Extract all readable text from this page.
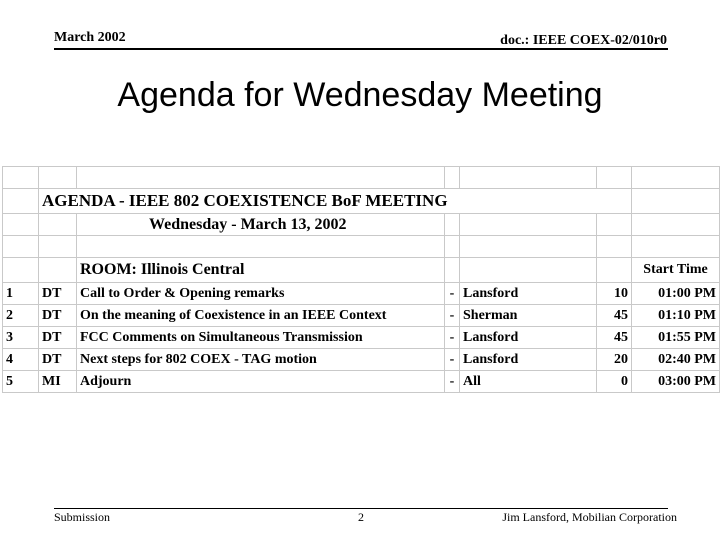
March 2002	doc.: IEEE COEX-02/010r0
Agenda for Wednesday Meeting

	AGENDA - IEEE 802 COEXISTENCE BoF MEETING					
		Wednesday - March 13, 2002				

		ROOM: Illinois Central				Start Time
1	DT	Call to Order & Opening remarks	-	Lansford	10	01:00 PM
2	DT	On the meaning of Coexistence in an IEEE Context	-	Sherman	45	01:10 PM
3	DT	FCC Comments on Simultaneous Transmission	-	Lansford	45	01:55 PM
4	DT	Next steps for 802 COEX - TAG motion	-	Lansford	20	02:40 PM
5	MI	Adjourn	-	All	0	03:00 PM
Submission	2	Jim Lansford, Mobilian Corporation
